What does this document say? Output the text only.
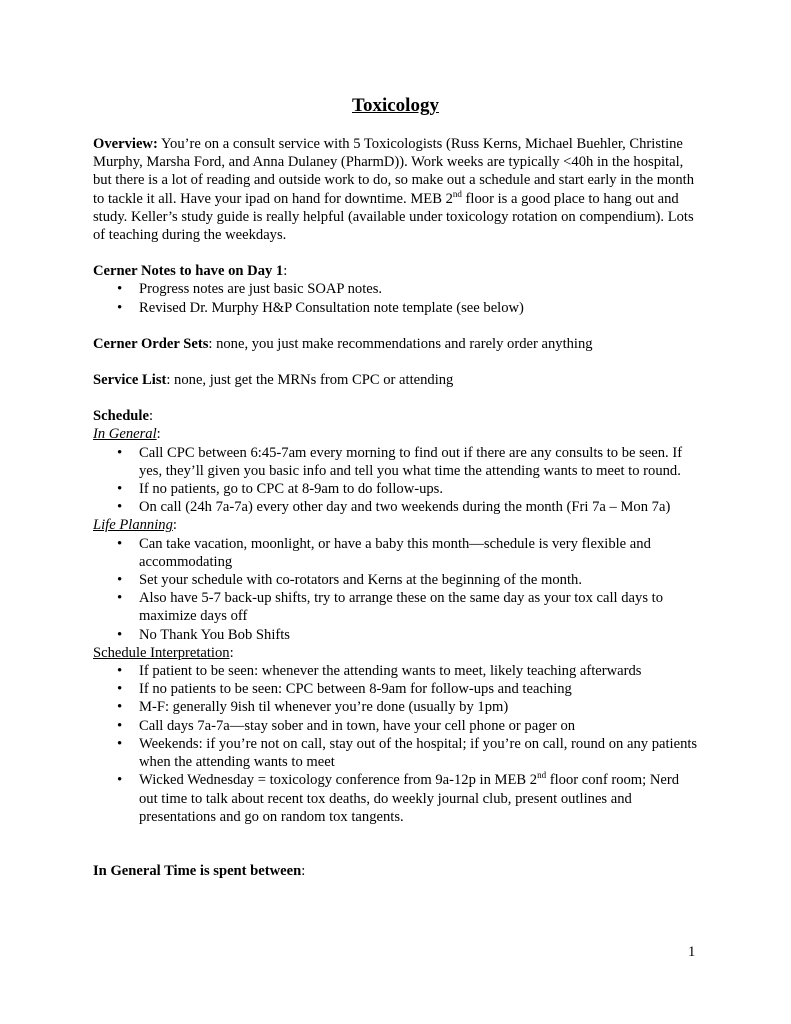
Toxicology

Overview: You’re on a consult service with 5 Toxicologists (Russ Kerns, Michael Buehler, Christine Murphy, Marsha Ford, and Anna Dulaney (PharmD)). Work weeks are typically <40h in the hospital, but there is a lot of reading and outside work to do, so make out a schedule and start early in the month to tackle it all. Have your ipad on hand for downtime. MEB 2nd floor is a good place to hang out and study. Keller’s study guide is really helpful (available under toxicology rotation on compendium). Lots of teaching during the weekdays.

Cerner Notes to have on Day 1:

• Progress notes are just basic SOAP notes.
• Revised Dr. Murphy H&P Consultation note template (see below)

Cerner Order Sets: none, you just make recommendations and rarely order anything

Service List: none, just get the MRNs from CPC or attending

Schedule:

In General:

• Call CPC between 6:45-7am every morning to find out if there are any consults to be seen. If yes, they’ll given you basic info and tell you what time the attending wants to meet to round.
• If no patients, go to CPC at 8-9am to do follow-ups.
• On call (24h 7a-7a) every other day and two weekends during the month (Fri 7a – Mon 7a)

Life Planning:

• Can take vacation, moonlight, or have a baby this month—schedule is very flexible and accommodating
• Set your schedule with co-rotators and Kerns at the beginning of the month.
• Also have 5-7 back-up shifts, try to arrange these on the same day as your tox call days to maximize days off
• No Thank You Bob Shifts

Schedule Interpretation:

• If patient to be seen: whenever the attending wants to meet, likely teaching afterwards
• If no patients to be seen: CPC between 8-9am for follow-ups and teaching
• M-F: generally 9ish til whenever you’re done (usually by 1pm)
• Call days 7a-7a—stay sober and in town, have your cell phone or pager on
• Weekends: if you’re not on call, stay out of the hospital; if you’re on call, round on any patients when the attending wants to meet
• Wicked Wednesday = toxicology conference from 9a-12p in MEB 2nd floor conf room; Nerd out time to talk about recent tox deaths, do weekly journal club, present outlines and presentations and go on random tox tangents.

In General Time is spent between:

1
